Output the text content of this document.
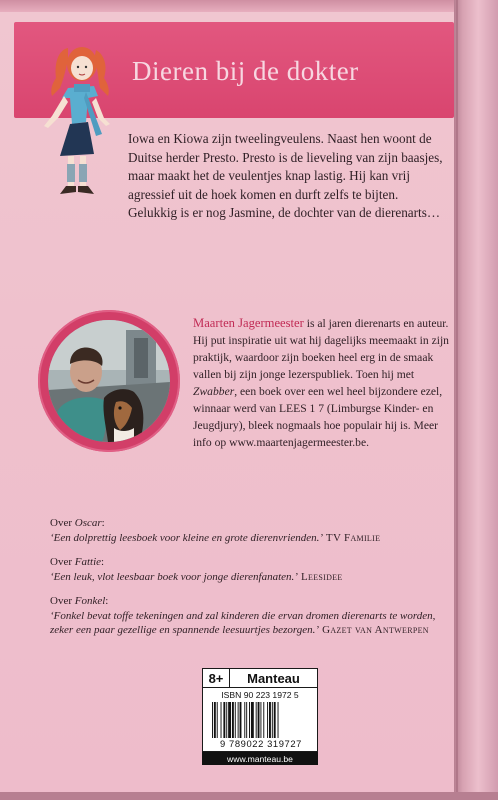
Dieren bij de dokter

Iowa en Kiowa zijn tweelingveulens. Naast hen woont de Duitse herder Presto. Presto is de lieveling van zijn baasjes, maar maakt het de veulentjes knap lastig. Hij kan vrij agressief uit de hoek komen en durft zelfs te bijten. Gelukkig is er nog Jasmine, de dochter van de dierenarts…

Maarten Jagermeester is al jaren dierenarts en auteur. Hij put inspiratie uit wat hij dagelijks meemaakt in zijn praktijk, waardoor zijn boeken heel erg in de smaak vallen bij zijn jonge lezerspubliek. Toen hij met Zwabber, een boek over een wel heel bijzondere ezel, winnaar werd van LEES 1 7 (Limburgse Kinder- en Jeugdjury), bleek nogmaals hoe populair hij is. Meer info op www.maartenjagermeester.be.

Over Oscar:
‘Een dolprettig leesboek voor kleine en grote dierenvrienden.’ TV Familie
Over Fattie:
‘Een leuk, vlot leesbaar boek voor jonge dierenfanaten.’ Leesidee
Over Fonkel:
‘Fonkel bevat toffe tekeningen and zal kinderen die ervan dromen dierenarts te worden, zeker een paar gezellige en spannende leesuurtjes bezorgen.’ Gazet van Antwerpen
8+	Manteau
ISBN 90 223 1972 5
9 789022 319727
www.manteau.be
